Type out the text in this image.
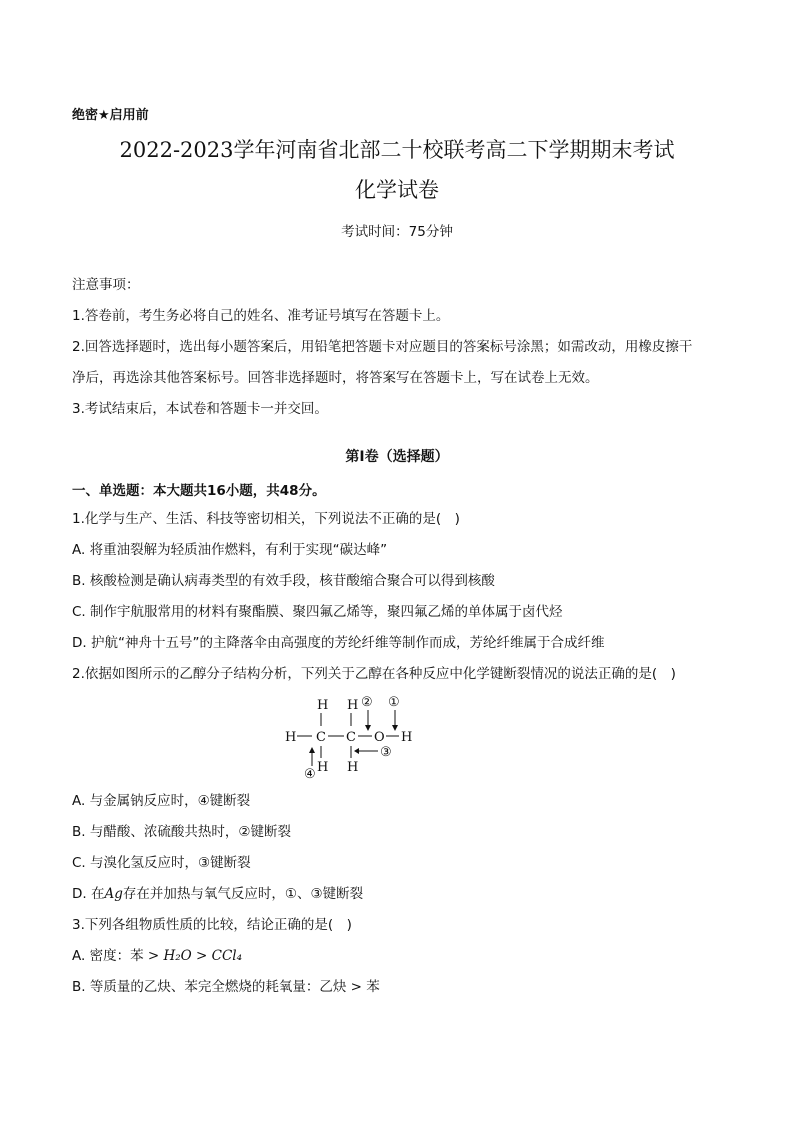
绝密★启用前
2022-2023学年河南省北部二十校联考高二下学期期末考试
化学试卷
考试时间：75分钟
注意事项：
1.答卷前，考生务必将自己的姓名、准考证号填写在答题卡上。
2.回答选择题时，选出每小题答案后，用铅笔把答题卡对应题目的答案标号涂黑；如需改动，用橡皮擦干
净后，再选涂其他答案标号。回答非选择题时，将答案写在答题卡上，写在试卷上无效。
3.考试结束后，本试卷和答题卡一并交回。
第Ⅰ卷（选择题）
一、单选题：本大题共16小题，共48分。
1.化学与生产、生活、科技等密切相关，下列说法不正确的是(　)
A. 将重油裂解为轻质油作燃料，有利于实现“碳达峰”
B. 核酸检测是确认病毒类型的有效手段，核苷酸缩合聚合可以得到核酸
C. 制作宇航服常用的材料有聚酯膜、聚四氟乙烯等，聚四氟乙烯的单体属于卤代烃
D. 护航“神舟十五号”的主降落伞由高强度的芳纶纤维等制作而成，芳纶纤维属于合成纤维
2.依据如图所示的乙醇分子结构分析，下列关于乙醇在各种反应中化学键断裂情况的说法正确的是(　)
H H
H C C O H
H H
② ①
③
④
A. 与金属钠反应时，④键断裂
B. 与醋酸、浓硫酸共热时，②键断裂
C. 与溴化氢反应时，③键断裂
D. 在Ag存在并加热与氧气反应时，①、③键断裂
3.下列各组物质性质的比较，结论正确的是(　)
A. 密度：苯 > H₂O > CCl₄
B. 等质量的乙炔、苯完全燃烧的耗氧量：乙炔 > 苯
